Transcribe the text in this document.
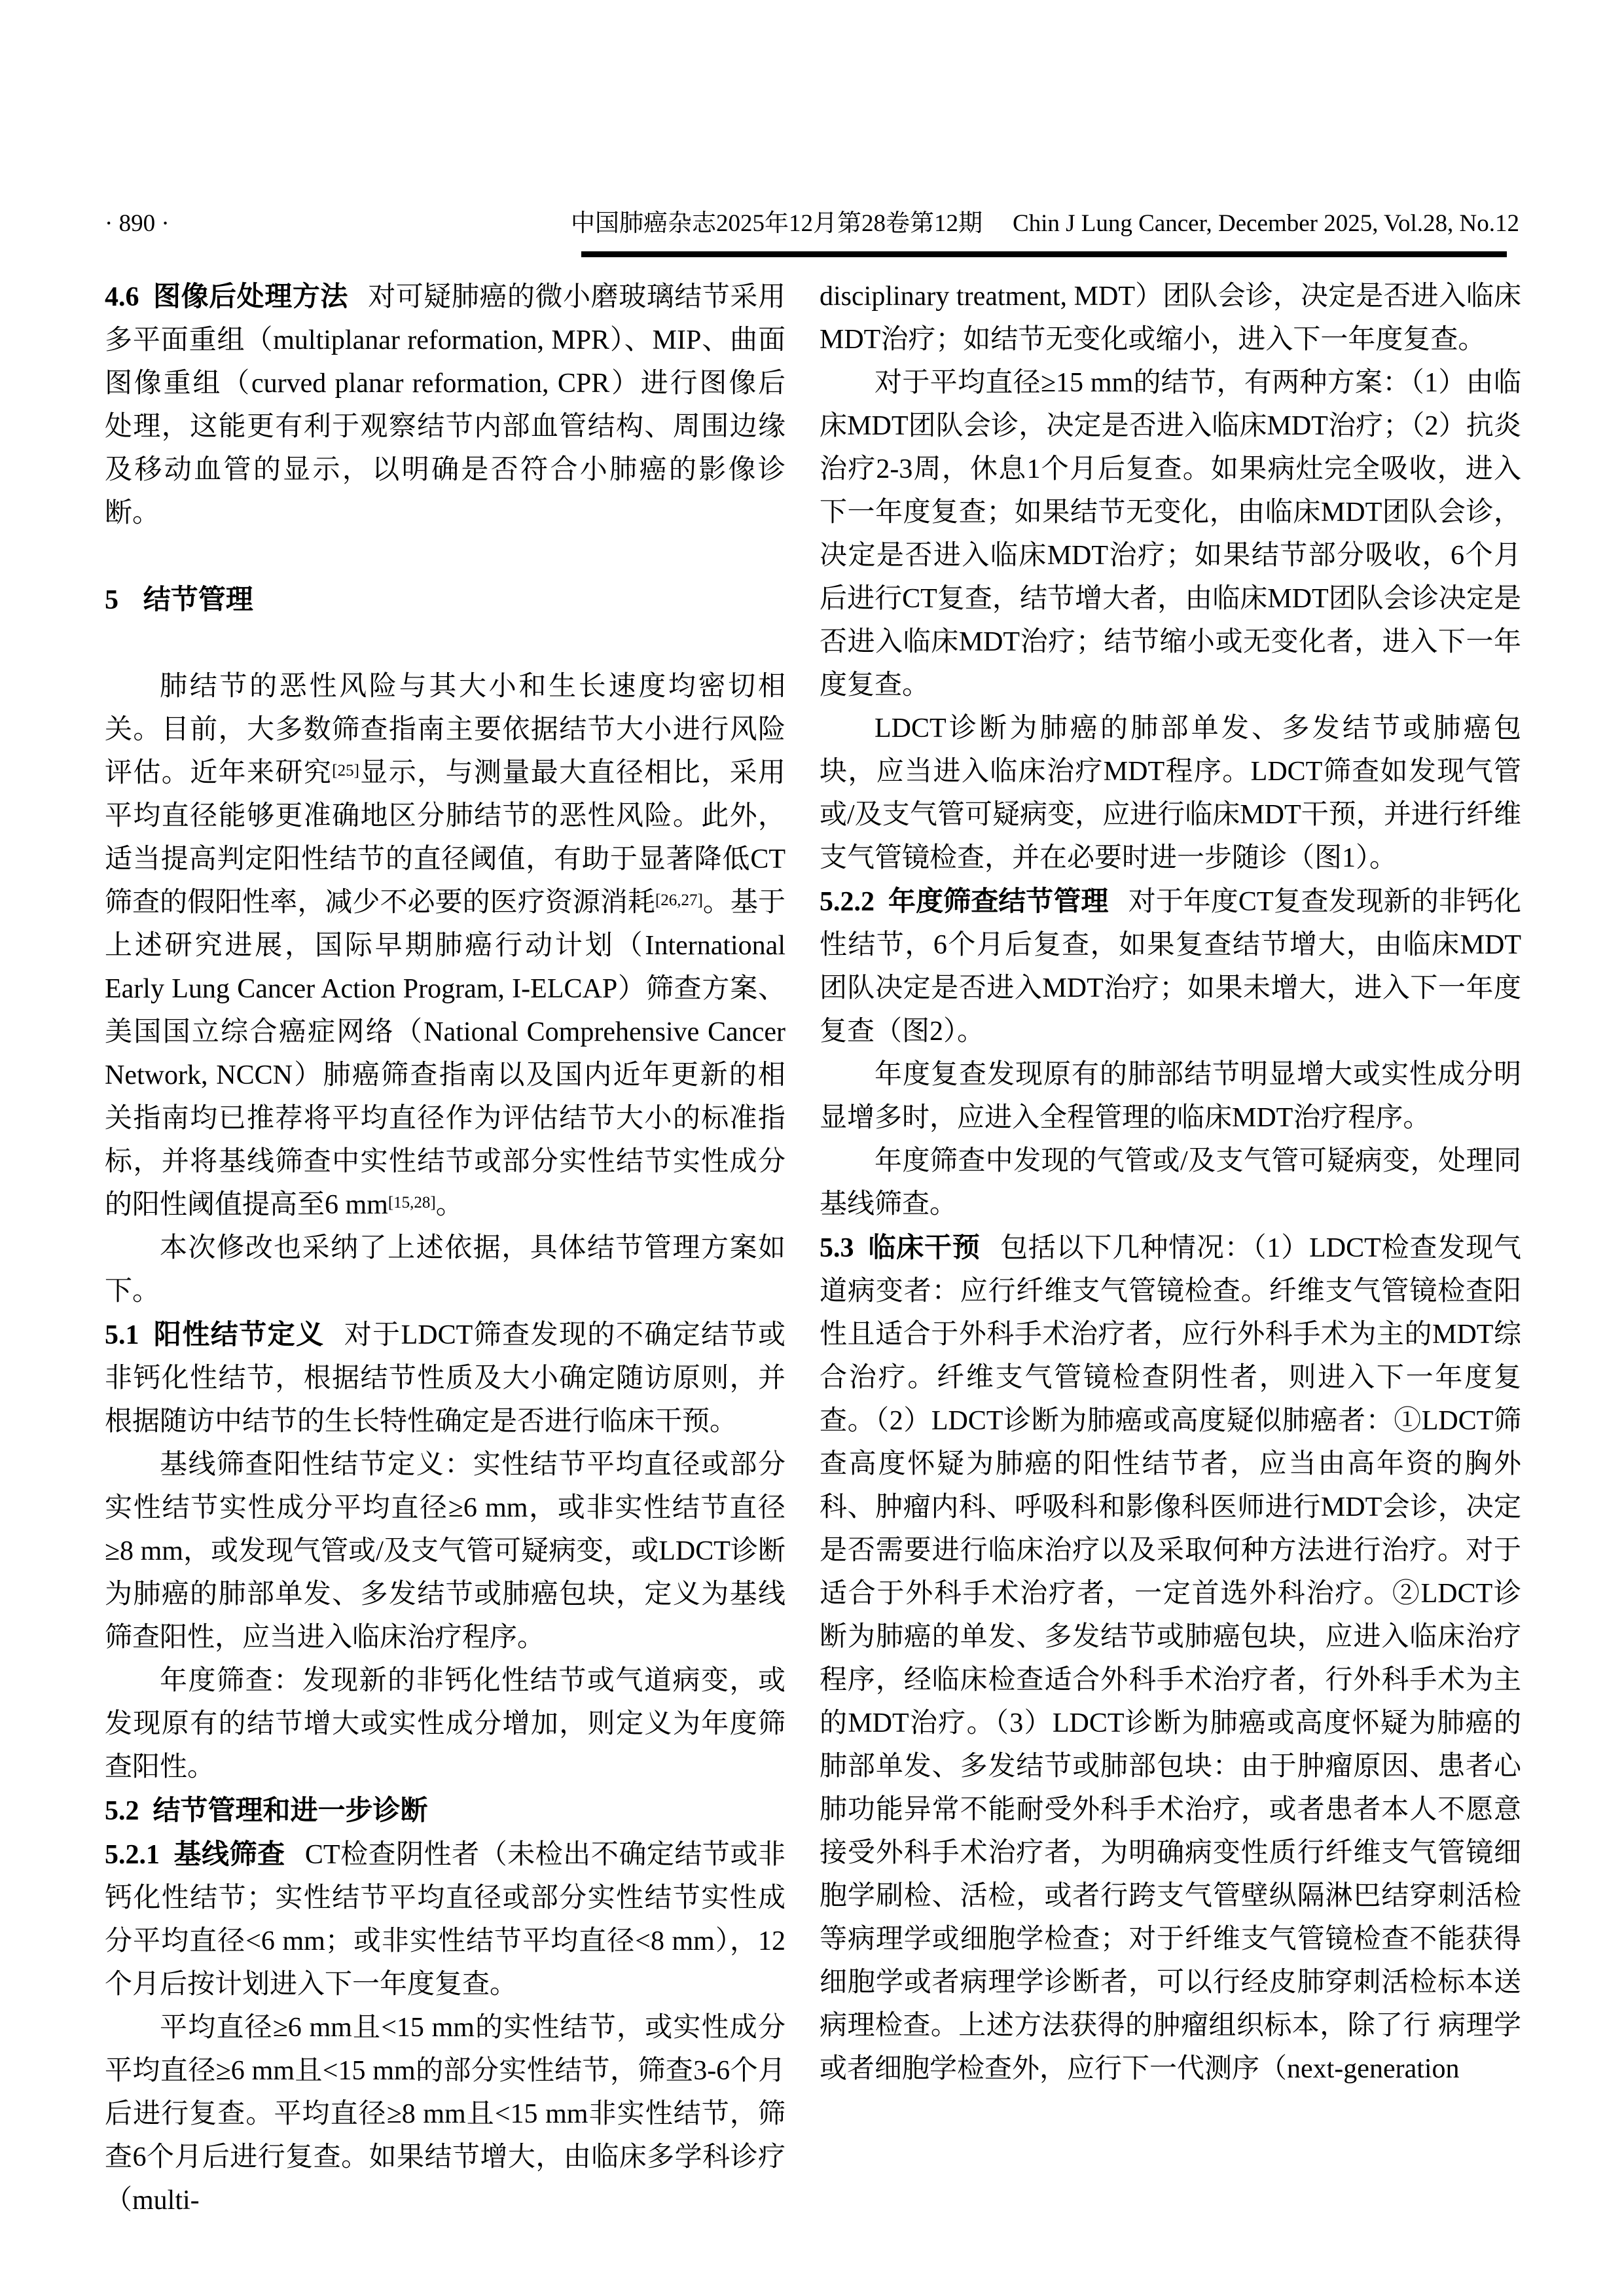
· 890 ·	中国肺癌杂志2025年12月第28卷第12期 Chin J Lung Cancer, December 2025, Vol.28, No.12

4.6 图像后处理方法 对可疑肺癌的微小磨玻璃结节采用多平面重组（multiplanar reformation, MPR）、MIP、曲面图像重组（curved planar reformation, CPR）进行图像后处理，这能更有利于观察结节内部血管结构、周围边缘及移动血管的显示，以明确是否符合小肺癌的影像诊断。

5 结节管理

肺结节的恶性风险与其大小和生长速度均密切相关。目前，大多数筛查指南主要依据结节大小进行风险评估。近年来研究[25]显示，与测量最大直径相比，采用平均直径能够更准确地区分肺结节的恶性风险。此外，适当提高判定阳性结节的直径阈值，有助于显著降低CT筛查的假阳性率，减少不必要的医疗资源消耗[26,27]。基于上述研究进展，国际早期肺癌行动计划（International Early Lung Cancer Action Program, I-ELCAP）筛查方案、美国国立综合癌症网络（National Comprehensive Cancer Network, NCCN）肺癌筛查指南以及国内近年更新的相关指南均已推荐将平均直径作为评估结节大小的标准指标，并将基线筛查中实性结节或部分实性结节实性成分的阳性阈值提高至6 mm[15,28]。

本次修改也采纳了上述依据，具体结节管理方案如下。

5.1 阳性结节定义 对于LDCT筛查发现的不确定结节或非钙化性结节，根据结节性质及大小确定随访原则，并根据随访中结节的生长特性确定是否进行临床干预。

基线筛查阳性结节定义：实性结节平均直径或部分实性结节实性成分平均直径≥6 mm，或非实性结节直径≥8 mm，或发现气管或/及支气管可疑病变，或LDCT诊断为肺癌的肺部单发、多发结节或肺癌包块，定义为基线筛查阳性，应当进入临床治疗程序。

年度筛查：发现新的非钙化性结节或气道病变，或发现原有的结节增大或实性成分增加，则定义为年度筛查阳性。

5.2 结节管理和进一步诊断

5.2.1 基线筛查 CT检查阴性者（未检出不确定结节或非钙化性结节；实性结节平均直径或部分实性结节实性成分平均直径<6 mm；或非实性结节平均直径<8 mm），12个月后按计划进入下一年度复查。

平均直径≥6 mm且<15 mm的实性结节，或实性成分平均直径≥6 mm且<15 mm的部分实性结节，筛查3-6个月后进行复查。平均直径≥8 mm且<15 mm非实性结节，筛查6个月后进行复查。如果结节增大，由临床多学科诊疗（multi-

disciplinary treatment, MDT）团队会诊，决定是否进入临床MDT治疗；如结节无变化或缩小，进入下一年度复查。

对于平均直径≥15 mm的结节，有两种方案：（1）由临床MDT团队会诊，决定是否进入临床MDT治疗；（2）抗炎治疗2-3周，休息1个月后复查。如果病灶完全吸收，进入下一年度复查；如果结节无变化，由临床MDT团队会诊，决定是否进入临床MDT治疗；如果结节部分吸收，6个月后进行CT复查，结节增大者，由临床MDT团队会诊决定是否进入临床MDT治疗；结节缩小或无变化者，进入下一年度复查。

LDCT诊断为肺癌的肺部单发、多发结节或肺癌包块，应当进入临床治疗MDT程序。LDCT筛查如发现气管或/及支气管可疑病变，应进行临床MDT干预，并进行纤维支气管镜检查，并在必要时进一步随诊（图1）。

5.2.2 年度筛查结节管理 对于年度CT复查发现新的非钙化性结节，6个月后复查，如果复查结节增大，由临床MDT团队决定是否进入MDT治疗；如果未增大，进入下一年度复查（图2）。

年度复查发现原有的肺部结节明显增大或实性成分明显增多时，应进入全程管理的临床MDT治疗程序。

年度筛查中发现的气管或/及支气管可疑病变，处理同基线筛查。

5.3 临床干预 包括以下几种情况：（1）LDCT检查发现气道病变者：应行纤维支气管镜检查。纤维支气管镜检查阳性且适合于外科手术治疗者，应行外科手术为主的MDT综合治疗。纤维支气管镜检查阴性者，则进入下一年度复查。（2）LDCT诊断为肺癌或高度疑似肺癌者：①LDCT筛查高度怀疑为肺癌的阳性结节者，应当由高年资的胸外科、肿瘤内科、呼吸科和影像科医师进行MDT会诊，决定是否需要进行临床治疗以及采取何种方法进行治疗。对于适合于外科手术治疗者，一定首选外科治疗。②LDCT诊断为肺癌的单发、多发结节或肺癌包块，应进入临床治疗程序，经临床检查适合外科手术治疗者，行外科手术为主的MDT治疗。（3）LDCT诊断为肺癌或高度怀疑为肺癌的肺部单发、多发结节或肺部包块：由于肿瘤原因、患者心肺功能异常不能耐受外科手术治疗，或者患者本人不愿意接受外科手术治疗者，为明确病变性质行纤维支气管镜细胞学刷检、活检，或者行跨支气管壁纵隔淋巴结穿刺活检等病理学或细胞学检查；对于纤维支气管镜检查不能获得细胞学或者病理学诊断者，可以行经皮肺穿刺活检标本送病理检查。上述方法获得的肿瘤组织标本，除了行 病理学或者细胞学检查外，应行下一代测序（next-generation
